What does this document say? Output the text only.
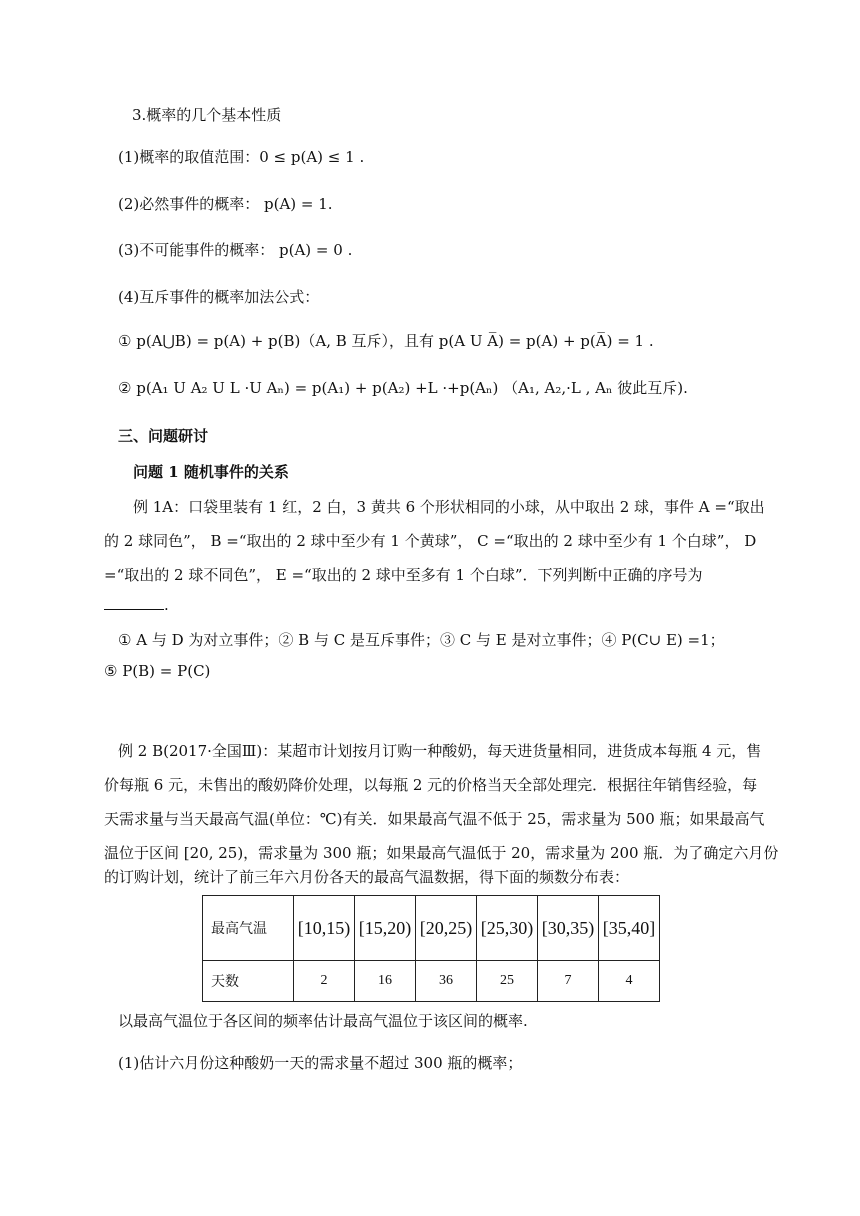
3.概率的几个基本性质
(1)概率的取值范围：0 ≤ p(A) ≤ 1 .
(2)必然事件的概率： p(A) = 1.
(3)不可能事件的概率： p(A) = 0 .
(4)互斥事件的概率加法公式：
① p(A⋃B) = p(A) + p(B)（A, B 互斥），且有 p(A U A̅) = p(A) + p(A̅) = 1 .
② p(A₁ U A₂ U L ·U Aₙ) = p(A₁) + p(A₂) +L ·+p(Aₙ) （A₁, A₂,·L , Aₙ 彼此互斥).
三、问题研讨
问题 1 随机事件的关系
例 1A：口袋里装有 1 红，2 白，3 黄共 6 个形状相同的小球，从中取出 2 球，事件 A =“取出
的 2 球同色”， B =“取出的 2 球中至少有 1 个黄球”， C =“取出的 2 球中至少有 1 个白球”， D
=“取出的 2 球不同色”， E =“取出的 2 球中至多有 1 个白球”．下列判断中正确的序号为
.
① A 与 D 为对立事件；② B 与 C 是互斥事件；③ C 与 E 是对立事件；④ P(C∪ E) =1；
⑤ P(B) = P(C)
例 2 B(2017·全国Ⅲ)：某超市计划按月订购一种酸奶，每天进货量相同，进货成本每瓶 4 元，售
价每瓶 6 元，未售出的酸奶降价处理，以每瓶 2 元的价格当天全部处理完．根据往年销售经验，每
天需求量与当天最高气温(单位：℃)有关．如果最高气温不低于 25，需求量为 500 瓶；如果最高气
温位于区间 [20, 25)，需求量为 300 瓶；如果最高气温低于 20，需求量为 200 瓶．为了确定六月份
的订购计划，统计了前三年六月份各天的最高气温数据，得下面的频数分布表：
最高气温	[10,15)	[15,20)	[20,25)	[25,30)	[30,35)	[35,40]
天数	2	16	36	25	7	4
以最高气温位于各区间的频率估计最高气温位于该区间的概率.
(1)估计六月份这种酸奶一天的需求量不超过 300 瓶的概率；
